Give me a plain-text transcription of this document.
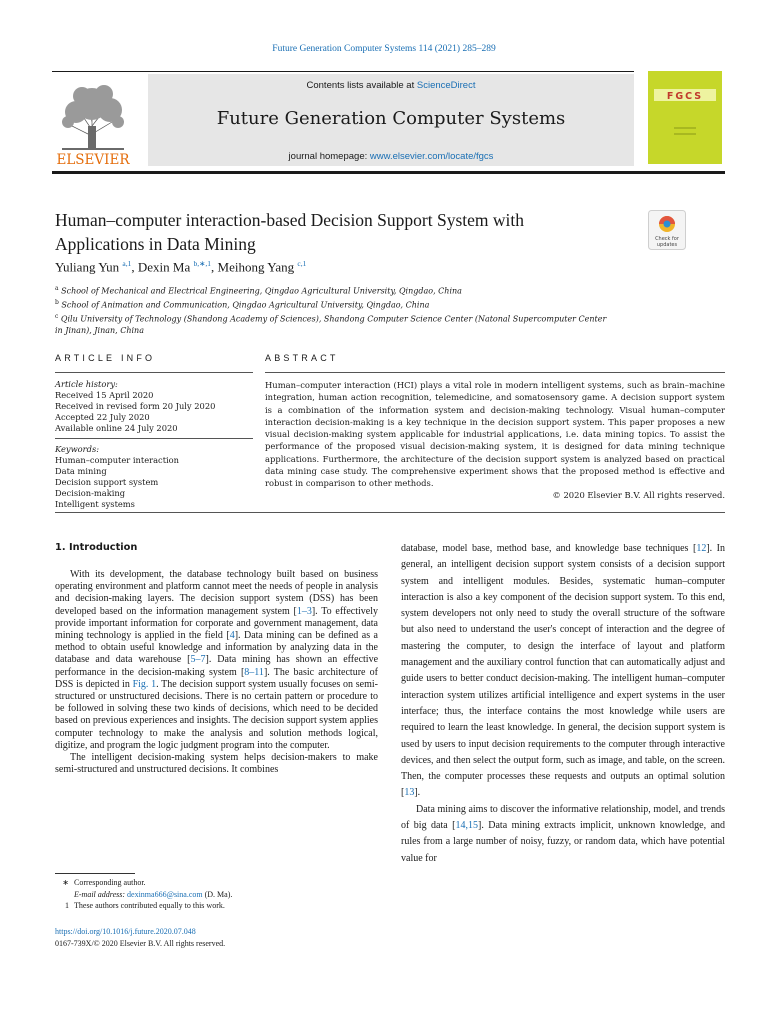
Future Generation Computer Systems 114 (2021) 285–289
ELSEVIER
Contents lists available at ScienceDirect
Future Generation Computer Systems
journal homepage: www.elsevier.com/locate/fgcs
FGCS
Human–computer interaction-based Decision Support System with
Applications in Data Mining	Check for
updates
Yuliang Yun $^{a,1}$, Dexin Ma $^{b,∗,1}$, Meihong Yang $^{c,1}$
$^a$ School of Mechanical and Electrical Engineering, Qingdao Agricultural University, Qingdao, China
$^b$ School of Animation and Communication, Qingdao Agricultural University, Qingdao, China
$^c$ Qilu University of Technology (Shandong Academy of Sciences), Shandong Computer Science Center (Natonal Supercomputer Center in Jinan), Jinan, China
ARTICLE INFO
Article history:
Received 15 April 2020
Received in revised form 20 July 2020
Accepted 22 July 2020
Available online 24 July 2020
Keywords:
Human–computer interaction
Data mining
Decision support system
Decision-making
Intelligent systems
ABSTRACT
Human–computer interaction (HCI) plays a vital role in modern intelligent systems, such as brain–machine integration, human action recognition, telemedicine, and somatosensory game. A decision support system is a combination of the information system and decision-making technology. Visual human–computer interaction decision-making is a key technique in the decision support system. This paper proposes a new visual decision-making system applicable for industrial applications, i.e. data mining topics. To assist the performance of the proposed visual decision-making system, it is designed for data mining technique applications. Furthermore, the architecture of the decision support system is analyzed based on practical data mining case study. The comprehensive experiment shows that the proposed method is effective and robust in comparison to other methods.
© 2020 Elsevier B.V. All rights reserved.
1. Introduction

With its development, the database technology built based on business operating environment and platform cannot meet the needs of people in analysis and decision-making layers. The decision support system (DSS) has been developed based on the information management system [1–3]. To effectively provide important information for corporate and government management, data mining technology is applied in the field [4]. Data mining can be defined as a method to obtain useful knowledge and information by analyzing data in the database and data warehouse [5–7]. Data mining has shown an effective performance in the decision-making system [8–11]. The basic architecture of DSS is depicted in Fig. 1. The decision support system usually focuses on semi-structured or unstructured decisions. There is no certain pattern or procedure to be followed in solving these two kinds of decisions, which need to be decided based on previous experiences and insights. The decision support system applies computer technology to make the analysis and solution methods logical, digitize, and program the logic judgment program into the computer.

The intelligent decision-making system helps decision-makers to make semi-structured and unstructured decisions. It combines

database, model base, method base, and knowledge base techniques [12]. In general, an intelligent decision support system consists of a decision support system and intelligent modules. Besides, systematic human–computer interaction is also a key component of the decision support system. To this end, system developers not only need to study the overall structure of the software but also need to understand the user's concept of interaction and the degree of mastering the computer, to design the interface of layout and platform management and the auxiliary control function that can automatically adjust and guide users to better conduct decision-making. The intelligent human–computer interaction system utilizes artificial intelligence and expert systems in the user interface; thus, the interface contains the most knowledge while users are required to learn the least knowledge. In general, the decision support system is used by users to input decision requirements to the computer through interactive devices, and then select the output form, such as image, and table, on the screen. Then, the computer processes these requests and outputs an optimal solution [13].

Data mining aims to discover the informative relationship, model, and trends of big data [14,15]. Data mining extracts implicit, unknown knowledge, and rules from a large number of noisy, fuzzy, or random data, which have potential value for

∗ Corresponding author.
E-mail address: dexinma666@sina.com (D. Ma).
1 These authors contributed equally to this work.
https://doi.org/10.1016/j.future.2020.07.048
0167-739X/© 2020 Elsevier B.V. All rights reserved.
